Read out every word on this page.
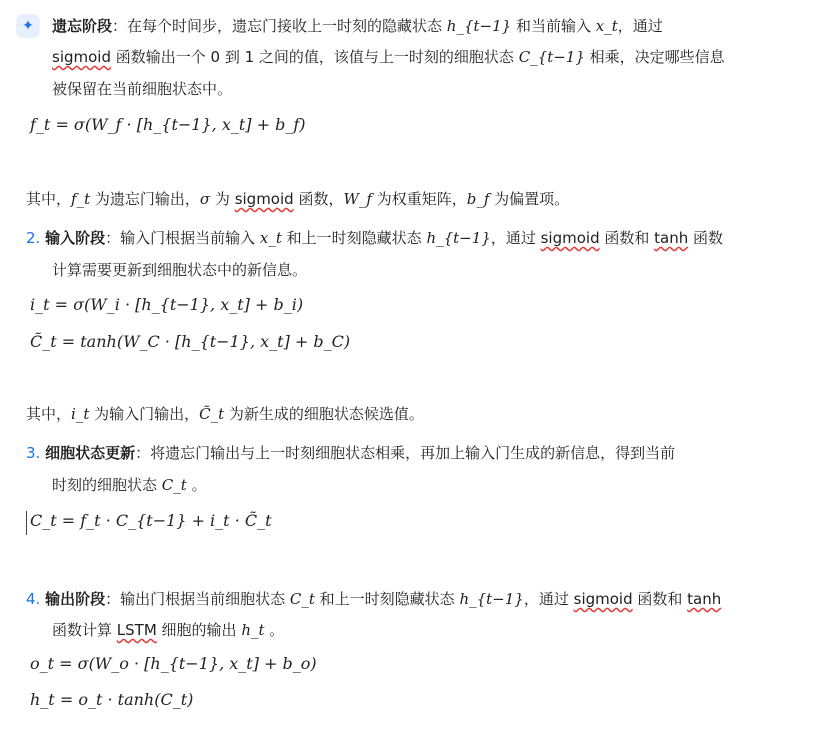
✦	遗忘阶段：在每个时间步，遗忘门接收上一时刻的隐藏状态 h_{t−1} 和当前输入 x_t，通过
sigmoid 函数输出一个 0 到 1 之间的值，该值与上一时刻的细胞状态 C_{t−1} 相乘，决定哪些信息
被保留在当前细胞状态中。
f_t = σ(W_f · [h_{t−1}, x_t] + b_f)
其中，f_t 为遗忘门输出，σ 为 sigmoid 函数，W_f 为权重矩阵，b_f 为偏置项。
2. 输入阶段：输入门根据当前输入 x_t 和上一时刻隐藏状态 h_{t−1}，通过 sigmoid 函数和 tanh 函数
计算需要更新到细胞状态中的新信息。
i_t = σ(W_i · [h_{t−1}, x_t] + b_i)
C̃_t = tanh(W_C · [h_{t−1}, x_t] + b_C)
其中，i_t 为输入门输出，C̃_t 为新生成的细胞状态候选值。
3. 细胞状态更新：将遗忘门输出与上一时刻细胞状态相乘，再加上输入门生成的新信息，得到当前
时刻的细胞状态 C_t 。
C_t = f_t · C_{t−1} + i_t · C̃_t
4. 输出阶段：输出门根据当前细胞状态 C_t 和上一时刻隐藏状态 h_{t−1}，通过 sigmoid 函数和 tanh
函数计算 LSTM 细胞的输出 h_t 。
o_t = σ(W_o · [h_{t−1}, x_t] + b_o)
h_t = o_t · tanh(C_t)
